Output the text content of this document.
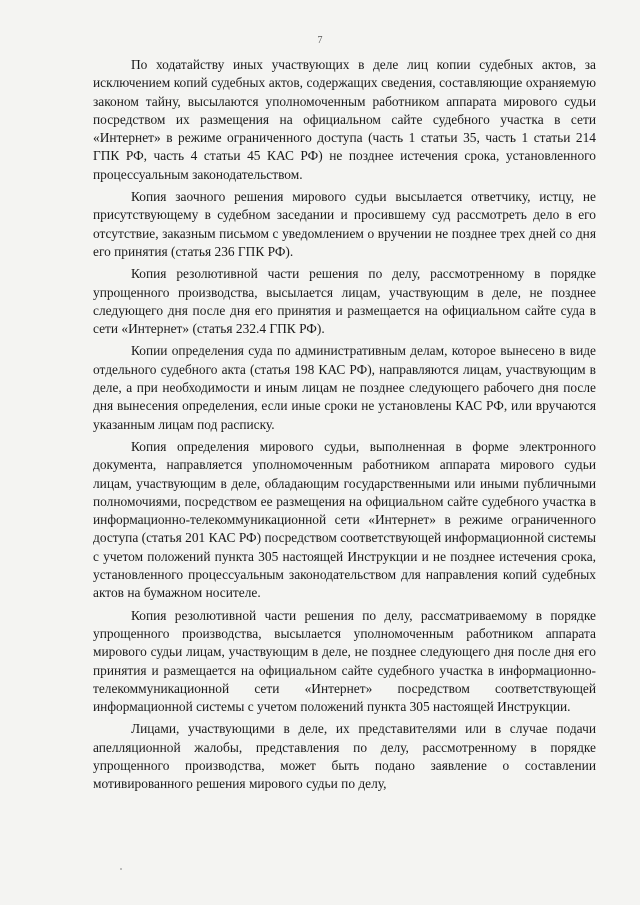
7

По ходатайству иных участвующих в деле лиц копии судебных актов, за исключением копий судебных актов, содержащих сведения, составляющие охраняемую законом тайну, высылаются уполномоченным работником аппарата мирового судьи посредством их размещения на официальном сайте судебного участка в сети «Интернет» в режиме ограниченного доступа (часть 1 статьи 35, часть 1 статьи 214 ГПК РФ, часть 4 статьи 45 КАС РФ) не позднее истечения срока, установленного процессуальным законодательством.

Копия заочного решения мирового судьи высылается ответчику, истцу, не присутствующему в судебном заседании и просившему суд рассмотреть дело в его отсутствие, заказным письмом с уведомлением о вручении не позднее трех дней со дня его принятия (статья 236 ГПК РФ).

Копия резолютивной части решения по делу, рассмотренному в порядке упрощенного производства, высылается лицам, участвующим в деле, не позднее следующего дня после дня его принятия и размещается на официальном сайте суда в сети «Интернет» (статья 232.4 ГПК РФ).

Копии определения суда по административным делам, которое вынесено в виде отдельного судебного акта (статья 198 КАС РФ), направляются лицам, участвующим в деле, а при необходимости и иным лицам не позднее следующего рабочего дня после дня вынесения определения, если иные сроки не установлены КАС РФ, или вручаются указанным лицам под расписку.

Копия определения мирового судьи, выполненная в форме электронного документа, направляется уполномоченным работником аппарата мирового судьи лицам, участвующим в деле, обладающим государственными или иными публичными полномочиями, посредством ее размещения на официальном сайте судебного участка в информационно-телекоммуникационной сети «Интернет» в режиме ограниченного доступа (статья 201 КАС РФ) посредством соответствующей информационной системы с учетом положений пункта 305 настоящей Инструкции и не позднее истечения срока, установленного процессуальным законодательством для направления копий судебных актов на бумажном носителе.

Копия резолютивной части решения по делу, рассматриваемому в порядке упрощенного производства, высылается уполномоченным работником аппарата мирового судьи лицам, участвующим в деле, не позднее следующего дня после дня его принятия и размещается на официальном сайте судебного участка в информационно-телекоммуникационной сети «Интернет» посредством соответствующей информационной системы с учетом положений пункта 305 настоящей Инструкции.

Лицами, участвующими в деле, их представителями или в случае подачи апелляционной жалобы, представления по делу, рассмотренному в порядке упрощенного производства, может быть подано заявление о составлении мотивированного решения мирового судьи по делу,
